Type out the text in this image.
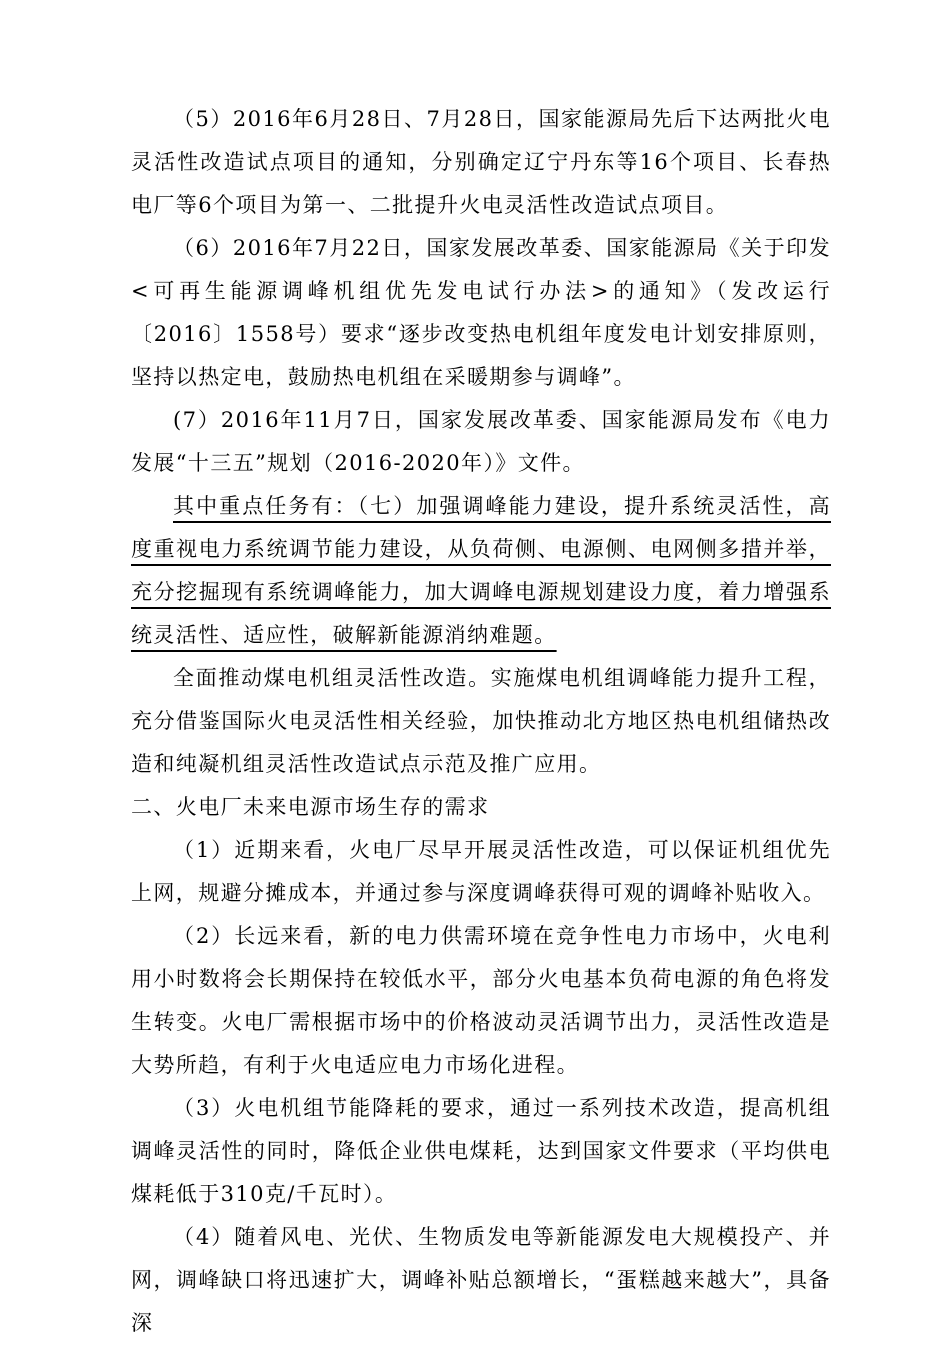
（5）2016年6月28日、7月28日，国家能源局先后下达两批火电灵活性改造试点项目的通知，分别确定辽宁丹东等16个项目、长春热电厂等6个项目为第一、二批提升火电灵活性改造试点项目。

（6）2016年7月22日，国家发展改革委、国家能源局《关于印发<可再生能源调峰机组优先发电试行办法>的通知》（发改运行〔2016〕1558号）要求“逐步改变热电机组年度发电计划安排原则，坚持以热定电，鼓励热电机组在采暖期参与调峰”。

(7）2016年11月7日，国家发展改革委、国家能源局发布《电力发展“十三五”规划（2016-2020年）》文件。

其中重点任务有：（七）加强调峰能力建设，提升系统灵活性，高度重视电力系统调节能力建设，从负荷侧、电源侧、电网侧多措并举，充分挖掘现有系统调峰能力，加大调峰电源规划建设力度，着力增强系统灵活性、适应性，破解新能源消纳难题。

全面推动煤电机组灵活性改造。实施煤电机组调峰能力提升工程，充分借鉴国际火电灵活性相关经验，加快推动北方地区热电机组储热改造和纯凝机组灵活性改造试点示范及推广应用。

二、火电厂未来电源市场生存的需求

（1）近期来看，火电厂尽早开展灵活性改造，可以保证机组优先上网，规避分摊成本，并通过参与深度调峰获得可观的调峰补贴收入。

（2）长远来看，新的电力供需环境在竞争性电力市场中，火电利用小时数将会长期保持在较低水平，部分火电基本负荷电源的角色将发生转变。火电厂需根据市场中的价格波动灵活调节出力，灵活性改造是大势所趋，有利于火电适应电力市场化进程。

（3）火电机组节能降耗的要求，通过一系列技术改造，提高机组调峰灵活性的同时，降低企业供电煤耗，达到国家文件要求（平均供电煤耗低于310克/千瓦时）。

（4）随着风电、光伏、生物质发电等新能源发电大规模投产、并网，调峰缺口将迅速扩大，调峰补贴总额增长，“蛋糕越来越大”，具备深
